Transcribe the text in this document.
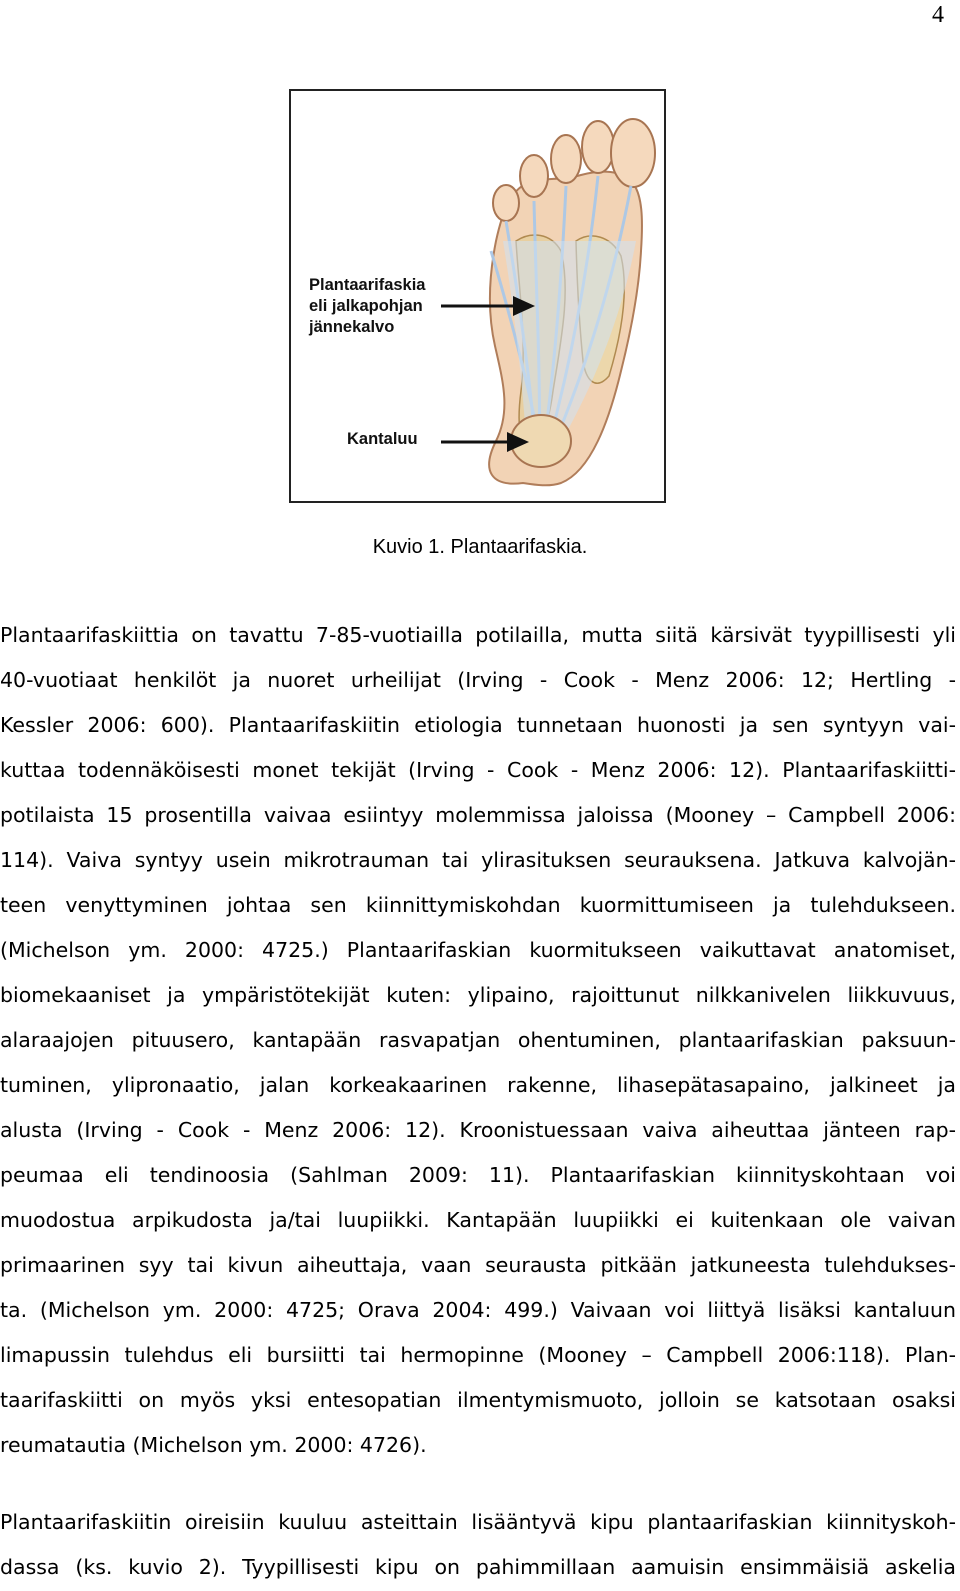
4
Plantaarifaskia
eli jalkapohjan
jännekalvo
Kantaluu
Kuvio 1. Plantaarifaskia.
Plantaarifaskiittia on tavattu 7-85-vuotiailla potilailla, mutta siitä kärsivät tyypillisesti yli
40-vuotiaat henkilöt ja nuoret urheilijat (Irving - Cook - Menz 2006: 12; Hertling -
Kessler 2006: 600). Plantaarifaskiitin etiologia tunnetaan huonosti ja sen syntyyn vai-
kuttaa todennäköisesti monet tekijät (Irving - Cook - Menz 2006: 12). Plantaarifaskiitti-
potilaista 15 prosentilla vaivaa esiintyy molemmissa jaloissa (Mooney – Campbell 2006:
114). Vaiva syntyy usein mikrotrauman tai ylirasituksen seurauksena. Jatkuva kalvojän-
teen venyttyminen johtaa sen kiinnittymiskohdan kuormittumiseen ja tulehdukseen.
(Michelson ym. 2000: 4725.) Plantaarifaskian kuormitukseen vaikuttavat anatomiset,
biomekaaniset ja ympäristötekijät kuten: ylipaino, rajoittunut nilkkanivelen liikkuvuus,
alaraajojen pituusero, kantapään rasvapatjan ohentuminen, plantaarifaskian paksuun-
tuminen, ylipronaatio, jalan korkeakaarinen rakenne, lihasepätasapaino, jalkineet ja
alusta (Irving - Cook - Menz 2006: 12). Kroonistuessaan vaiva aiheuttaa jänteen rap-
peumaa eli tendinoosia (Sahlman 2009: 11). Plantaarifaskian kiinnityskohtaan voi
muodostua arpikudosta ja/tai luupiikki. Kantapään luupiikki ei kuitenkaan ole vaivan
primaarinen syy tai kivun aiheuttaja, vaan seurausta pitkään jatkuneesta tulehdukses-
ta. (Michelson ym. 2000: 4725; Orava 2004: 499.) Vaivaan voi liittyä lisäksi kantaluun
limapussin tulehdus eli bursiitti tai hermopinne (Mooney – Campbell 2006:118). Plan-
taarifaskiitti on myös yksi entesopatian ilmentymismuoto, jolloin se katsotaan osaksi
reumatautia (Michelson ym. 2000: 4726).
Plantaarifaskiitin oireisiin kuuluu asteittain lisääntyvä kipu plantaarifaskian kiinnityskoh-
dassa (ks. kuvio 2). Tyypillisesti kipu on pahimmillaan aamuisin ensimmäisiä askelia
